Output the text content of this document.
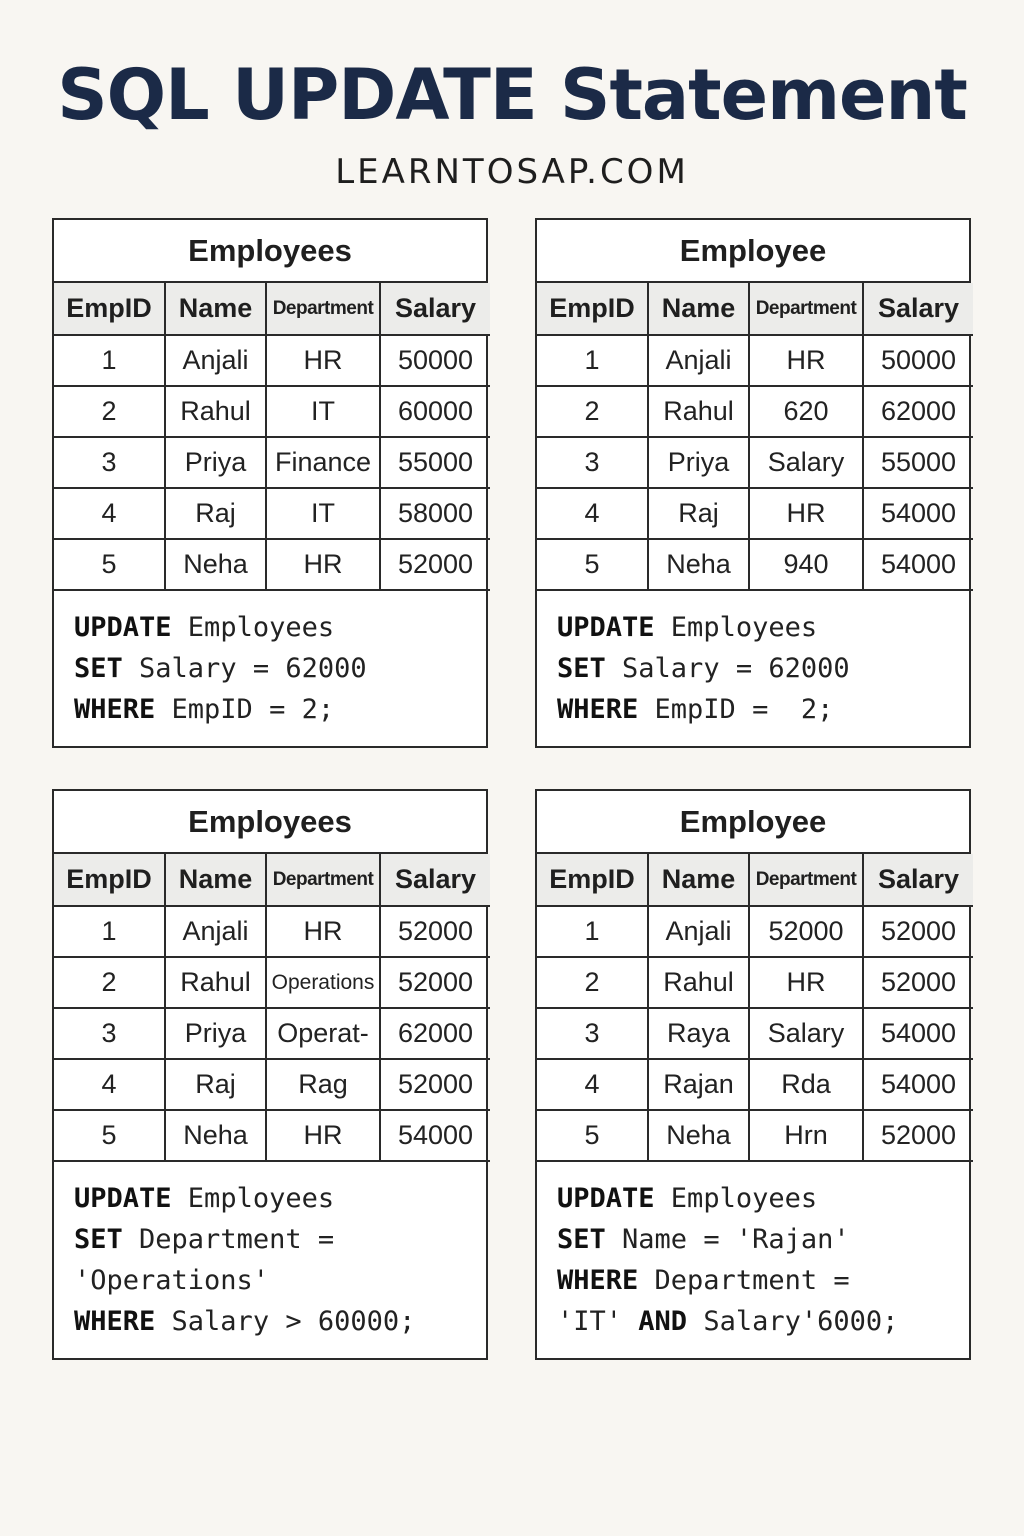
SQL UPDATE Statement
LEARNTOSAP.COM
Employees
EmpID	Name	Department	Salary
1	Anjali	HR	50000
2	Rahul	IT	60000
3	Priya	Finance	55000
4	Raj	IT	58000
5	Neha	HR	52000
UPDATE Employees
SET Salary = 62000
WHERE EmpID = 2;
Employee
EmpID	Name	Department	Salary
1	Anjali	HR	50000
2	Rahul	620	62000
3	Priya	Salary	55000
4	Raj	HR	54000
5	Neha	940	54000
UPDATE Employees
SET Salary = 62000
WHERE EmpID =  2;
Employees
EmpID	Name	Department	Salary
1	Anjali	HR	52000
2	Rahul	Operations	52000
3	Priya	Operat-	62000
4	Raj	Rag	52000
5	Neha	HR	54000
UPDATE Employees
SET Department =
'Operations'
WHERE Salary > 60000;
Employee
EmpID	Name	Department	Salary
1	Anjali	52000	52000
2	Rahul	HR	52000
3	Raya	Salary	54000
4	Rajan	Rda	54000
5	Neha	Hrn	52000
UPDATE Employees
SET Name = 'Rajan'
WHERE Department =
'IT' AND Salary'6000;
